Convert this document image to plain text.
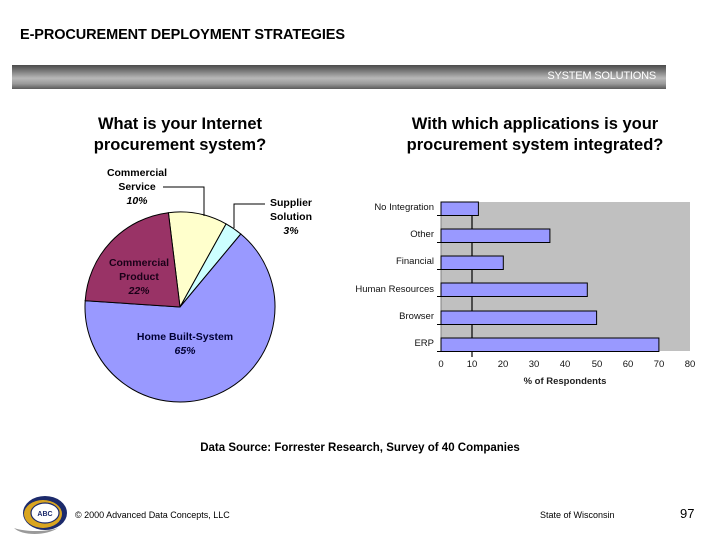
E-PROCUREMENT DEPLOYMENT STRATEGIES
SYSTEM SOLUTIONS
What is your Internet
procurement system?
With which applications is your
procurement system integrated?
Commercial
Service
10%	Supplier
Solution
3%
Commercial
Product
22%
Home Built-System
65%
No Integration
Other
Financial
Human Resources
Browser
ERP
0	10	20	30	40	50	60	70	80
% of Respondents
Data Source: Forrester Research, Survey of 40 Companies
ABC © 2000 Advanced Data Concepts, LLC	State of Wisconsin	97
